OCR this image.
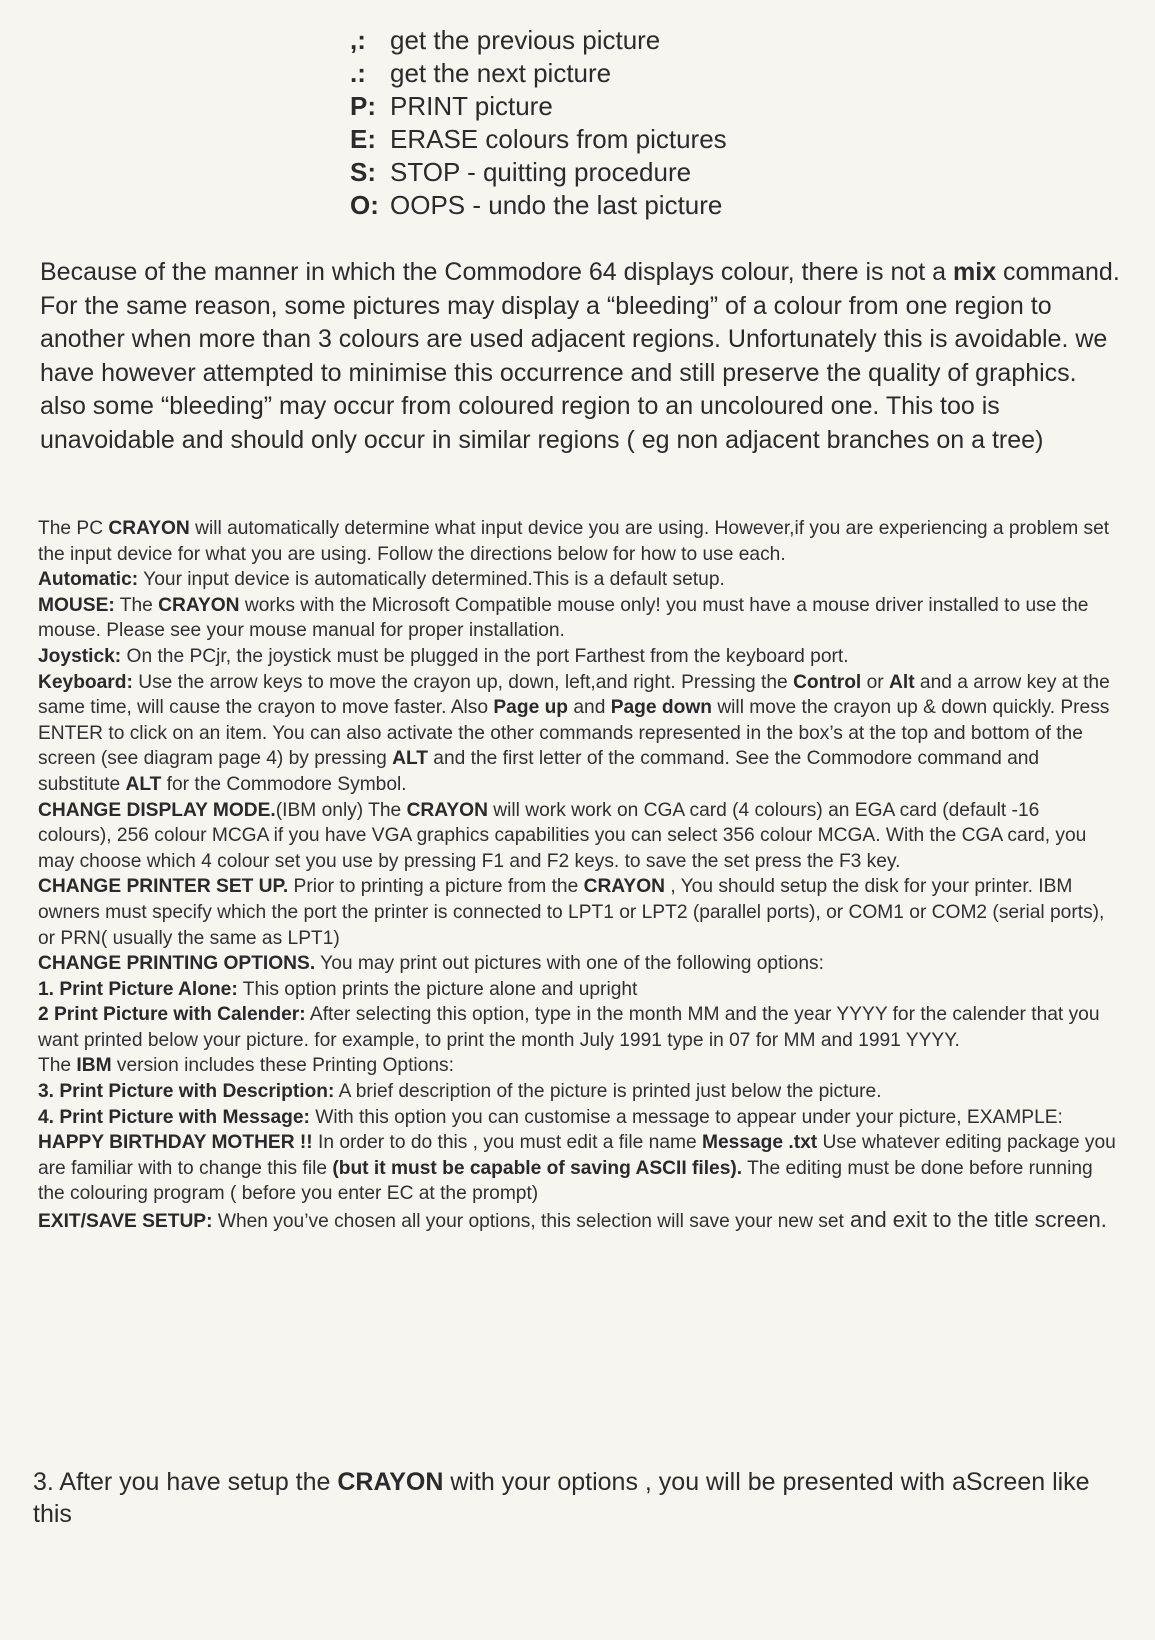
,: get the previous picture
.: get the next picture
P: PRINT picture
E: ERASE colours from pictures
S: STOP - quitting procedure
O: OOPS - undo the last picture

Because of the manner in which the Commodore 64 displays colour, there is not a mix command. For the same reason, some pictures may display a “bleeding” of a colour from one region to another when more than 3 colours are used adjacent regions. Unfortunately this is avoidable. we have however attempted to minimise this occurrence and still preserve the quality of graphics. also some “bleeding” may occur from coloured region to an uncoloured one. This too is unavoidable and should only occur in similar regions ( eg non adjacent branches on a tree)

The PC CRAYON will automatically determine what input device you are using. However,if you are experiencing a problem set the input device for what you are using. Follow the directions below for how to use each.

Automatic: Your input device is automatically determined.This is a default setup.

MOUSE: The CRAYON works with the Microsoft Compatible mouse only! you must have a mouse driver installed to use the mouse. Please see your mouse manual for proper installation.

Joystick: On the PCjr, the joystick must be plugged in the port Farthest from the keyboard port.

Keyboard: Use the arrow keys to move the crayon up, down, left,and right. Pressing the Control or Alt and a arrow key at the same time, will cause the crayon to move faster. Also Page up and Page down will move the crayon up & down quickly. Press ENTER to click on an item. You can also activate the other commands represented in the box’s at the top and bottom of the screen (see diagram page 4) by pressing ALT and the first letter of the command. See the Commodore command and substitute ALT for the Commodore Symbol.

CHANGE DISPLAY MODE.(IBM only) The CRAYON will work work on CGA card (4 colours) an EGA card (default -16 colours), 256 colour MCGA if you have VGA graphics capabilities you can select 356 colour MCGA. With the CGA card, you may choose which 4 colour set you use by pressing F1 and F2 keys. to save the set press the F3 key.

CHANGE PRINTER SET UP. Prior to printing a picture from the CRAYON , You should setup the disk for your printer. IBM owners must specify which the port the printer is connected to LPT1 or LPT2 (parallel ports), or COM1 or COM2 (serial ports), or PRN( usually the same as LPT1)

CHANGE PRINTING OPTIONS. You may print out pictures with one of the following options:

1. Print Picture Alone: This option prints the picture alone and upright

2 Print Picture with Calender: After selecting this option, type in the month MM and the year YYYY for the calender that you want printed below your picture. for example, to print the month July 1991 type in 07 for MM and 1991 YYYY.

The IBM version includes these Printing Options:

3. Print Picture with Description: A brief description of the picture is printed just below the picture.

4. Print Picture with Message: With this option you can customise a message to appear under your picture, EXAMPLE: HAPPY BIRTHDAY MOTHER !! In order to do this , you must edit a file name Message .txt Use whatever editing package you are familiar with to change this file (but it must be capable of saving ASCII files). The editing must be done before running the colouring program ( before you enter EC at the prompt)

EXIT/SAVE SETUP: When you’ve chosen all your options, this selection will save your new set and exit to the title screen.

3. After you have setup the CRAYON with your options , you will be presented with aScreen like this
